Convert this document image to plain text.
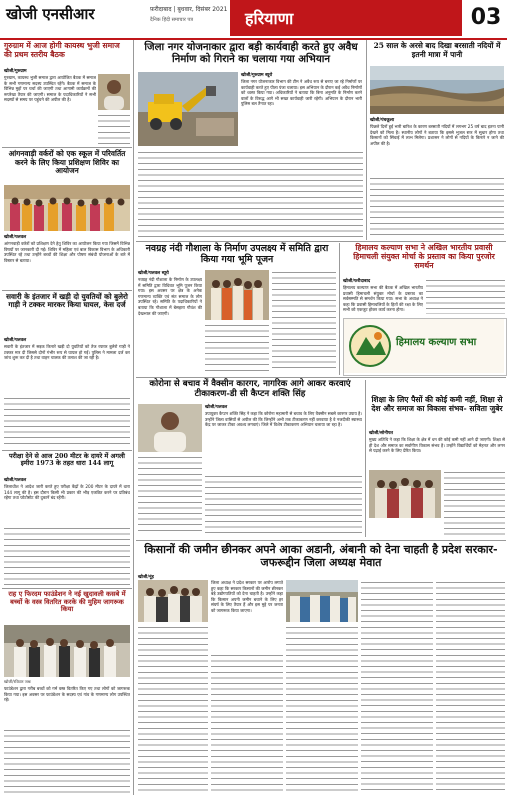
खोजी एनसीआर	फ़रीदाबाद | बुधवार, दिसंबर 2021
दैनिक हिंदी समाचार पत्र	हरियाणा	03
गुरुग्राम में आज होगी कायस्थ भुजी समाज की प्रथम स्तरीय बैठक
खोजी/गुरुग्राम
गुरुग्राम, कायस्थ भुजी समाज द्वारा आयोजित बैठक में समाज के सभी गणमान्य सदस्य उपस्थित रहेंगे। बैठक में समाज के विभिन्न मुद्दों पर चर्चा की जाएगी तथा आगामी कार्यक्रमों की रूपरेखा तैयार की जाएगी। समाज के पदाधिकारियों ने सभी सदस्यों से समय पर पहुंचने की अपील की है।
आंगनवाड़ी वर्करों को एक स्कूल में परिवर्तित करने के लिए किया प्रशिक्षण शिविर का आयोजन
खोजी/पलवल
आंगनवाड़ी वर्करों को प्रशिक्षण देने हेतु शिविर का आयोजन किया गया जिसमें विभिन्न विषयों पर जानकारी दी गई। शिविर में महिला एवं बाल विकास विभाग के अधिकारी उपस्थित रहे तथा उन्होंने बच्चों की शिक्षा और पोषण संबंधी योजनाओं के बारे में विस्तार से बताया।
सवारी के इंतजार में खड़ी दो युवतियों को बुलेरो गाड़ी ने टक्कर मारकर किया घायल, केस दर्ज
खोजी/पलवल
सवारी के इंतजार में सड़क किनारे खड़ी दो युवतियों को तेज रफ्तार बुलेरो गाड़ी ने टक्कर मार दी जिससे दोनों गंभीर रूप से घायल हो गईं। पुलिस ने मामला दर्ज कर जांच शुरू कर दी है तथा वाहन चालक की तलाश की जा रही है।
परीक्षा देने से आज 200 मीटर के दायरे में अगली इमीरा 1973 के तहत धारा 144 लागू
खोजी/पलवल
जिलाधीश ने आदेश जारी करते हुए परीक्षा केंद्रों के 200 मीटर के दायरे में धारा 144 लागू की है। इस दौरान किसी भी प्रकार की भीड़ एकत्रित करने पर प्रतिबंध रहेगा तथा फोटोस्टेट की दुकानें बंद रहेंगी।
राह ए फिरदम फाउंडेशन ने नई खुदावली कसबे में बच्चों के वस्त्र वितरित करके की मुहिम जागरूक किया
खोजी/रविवार जश्न
फाउंडेशन द्वारा गरीब बच्चों को गर्म वस्त्र वितरित किए गए तथा लोगों को जागरूक किया गया। इस अवसर पर फाउंडेशन के सदस्य एवं गांव के गणमान्य लोग उपस्थित रहे।
जिला नगर योजनाकार द्वारा बड़ी कार्यवाही करते हुए अवैध निर्माण को गिराने का चलाया गया अभियान
खोजी/गुरुग्राम ब्यूरो
जिला नगर योजनाकार विभाग की टीम ने अवैध रूप से बनाए जा रहे निर्माणों पर कार्यवाही करते हुए पीला पंजा चलाया। इस अभियान के दौरान कई अवैध निर्माणों को ध्वस्त किया गया। अधिकारियों ने बताया कि बिना अनुमति के निर्माण करने वालों के विरुद्ध आगे भी सख्त कार्यवाही जारी रहेगी। अभियान के दौरान भारी पुलिस बल तैनात रहा।
25 साल के अरसे बाद दिखा बरसाती नदियों में इतनी मात्रा में पानी
खोजी/पंचकूला
पिछले दिनों हुई भारी बारिश के कारण बरसाती नदियों में लगभग 25 वर्ष बाद इतना पानी देखने को मिला है। स्थानीय लोगों ने बताया कि इससे भूजल स्तर में सुधार होगा तथा किसानों को सिंचाई में लाभ मिलेगा। प्रशासन ने लोगों से नदियों के किनारे न जाने की अपील की है।
नवग्रह नंदी गौशाला के निर्माण उपलक्ष्य में समिति द्वारा किया गया भूमि पूजन
खोजी/पलवल ब्यूरो
नवग्रह नंदी गौशाला के निर्माण के उपलक्ष्य में समिति द्वारा विधिवत भूमि पूजन किया गया। इस अवसर पर क्षेत्र के अनेक गणमान्य व्यक्ति एवं संत समाज के लोग उपस्थित रहे। समिति के पदाधिकारियों ने बताया कि गौशाला में बेसहारा गौवंश की देखभाल की जाएगी।
हिमालय कल्याण सभा ने अखिल भारतीय प्रवासी हिमाचली संयुक्त मोर्चा के प्रस्ताव का किया पुरजोर समर्थन
खोजी/फरीदाबाद
हिमालय कल्याण सभा की बैठक में अखिल भारतीय प्रवासी हिमाचली संयुक्त मोर्चा के प्रस्ताव का सर्वसम्मति से समर्थन किया गया। सभा के अध्यक्ष ने कहा कि प्रवासी हिमाचलियों के हितों की रक्षा के लिए सभी को एकजुट होकर कार्य करना होगा।
हिमालय कल्याण सभा
कोरोना से बचाव में वैक्सीन कारगर, नागरिक आगे आकर करवाएं टीकाकरण-डी सी कैप्टन शक्ति सिंह
खोजी/पलवल
उपायुक्त कैप्टन शक्ति सिंह ने कहा कि कोरोना महामारी से बचाव के लिए वैक्सीन सबसे कारगर उपाय है। उन्होंने जिला वासियों से अपील की कि जिन्होंने अभी तक टीकाकरण नहीं करवाया है वे नजदीकी स्वास्थ्य केंद्र पर जाकर टीका अवश्य लगवाएं। जिले में विशेष टीकाकरण अभियान चलाया जा रहा है।
शिक्षा के लिए पैसों की कोई कमी नहीं, शिक्षा से देश और समाज का विकास संभव- सविता जुबेर
खोजी/सोनीपत
मुख्य अतिथि ने कहा कि शिक्षा के क्षेत्र में धन की कोई कमी नहीं आने दी जाएगी। शिक्षा से ही देश और समाज का सर्वांगीण विकास संभव है। उन्होंने विद्यार्थियों को मेहनत और लगन से पढ़ाई करने के लिए प्रेरित किया।
किसानों की जमीन छीनकर अपने आका अडानी, अंबानी को देना चाहती है प्रदेश सरकार- जफरूद्दीन जिला अध्यक्ष मेवात
खोजी/नूंह
जिला अध्यक्ष ने प्रदेश सरकार पर आरोप लगाते हुए कहा कि सरकार किसानों की जमीन छीनकर बड़े उद्योगपतियों को देना चाहती है। उन्होंने कहा कि किसान अपनी जमीन बचाने के लिए हर संघर्ष के लिए तैयार हैं और इस मुद्दे पर जनता को जागरूक किया जाएगा।
